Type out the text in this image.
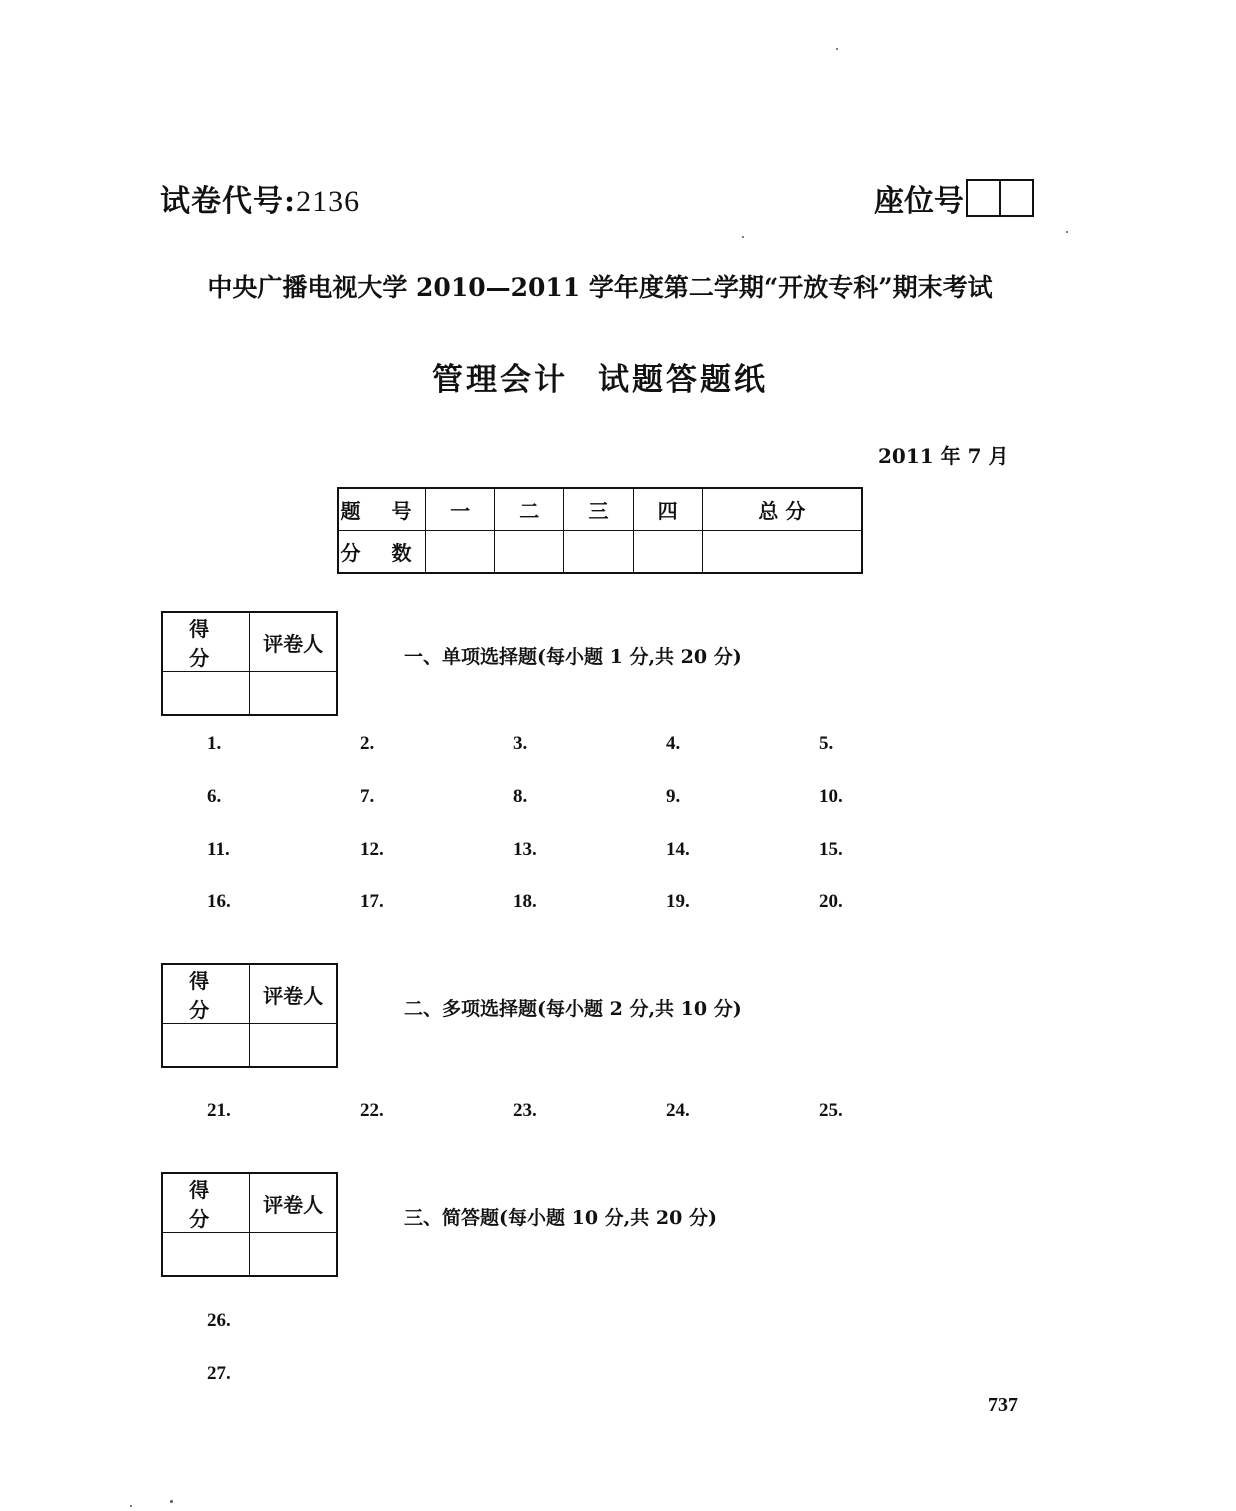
试卷代号:2136	座位号
中央广播电视大学 2010—2011 学年度第二学期“开放专科”期末考试
管理会计 试题答题纸
2011 年 7 月
题 号	一	二	三	四	总 分
分 数					
得 分	评卷人

一、单项选择题(每小题 1 分,共 20 分)
1.	2.	3.	4.	5.
6.	7.	8.	9.	10.
11.	12.	13.	14.	15.
16.	17.	18.	19.	20.
得 分	评卷人

二、多项选择题(每小题 2 分,共 10 分)
21.	22.	23.	24.	25.
得 分	评卷人

三、简答题(每小题 10 分,共 20 分)
26.
27.
737
